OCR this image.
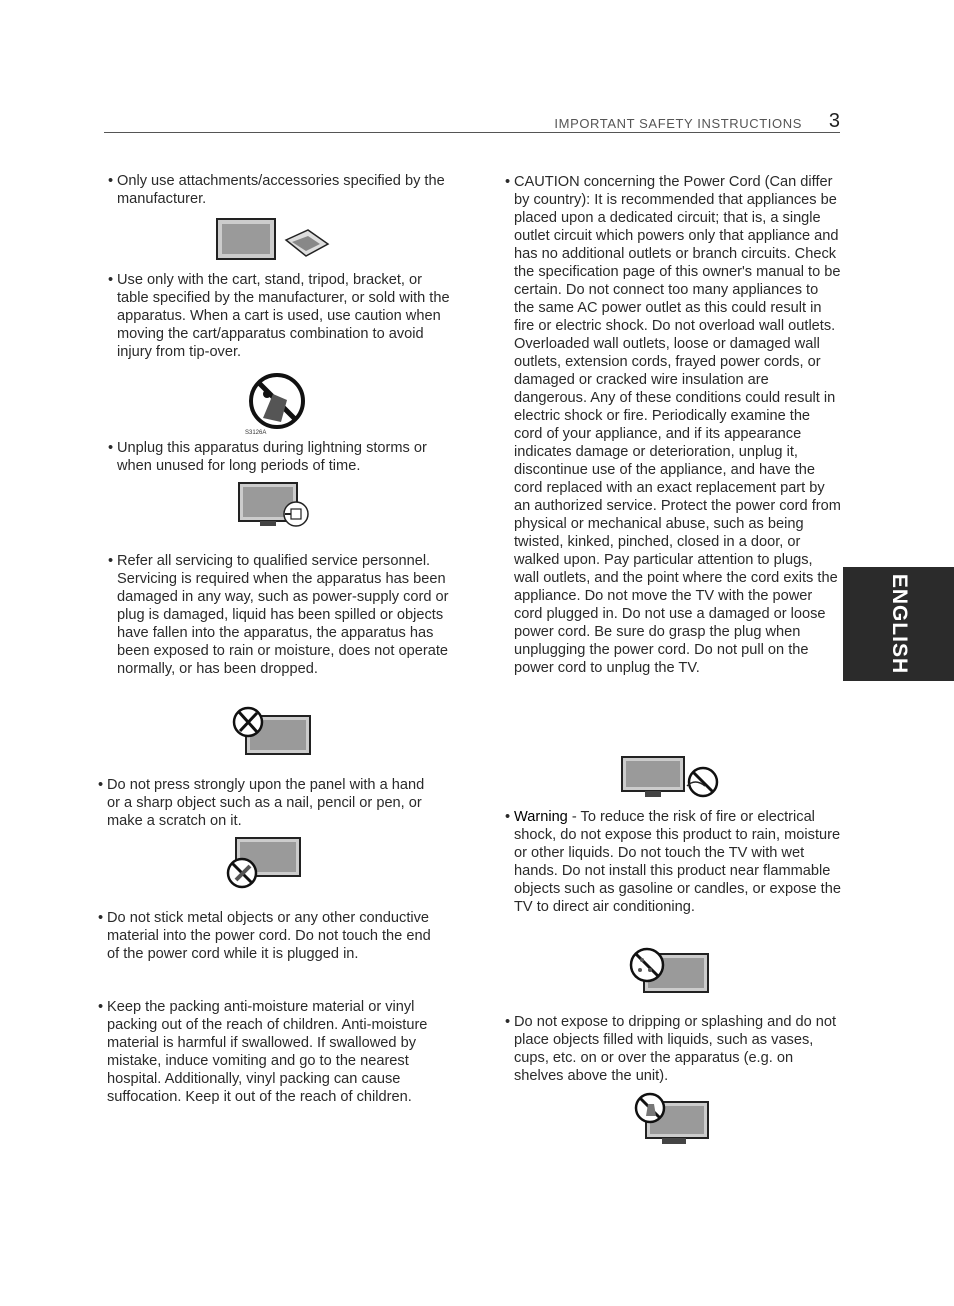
IMPORTANT SAFETY INSTRUCTIONS 3
ENGLISH
• Only use attachments/accessories specified by the manufacturer.
• Use only with the cart, stand, tripod, bracket, or table specified by the manufacturer, or sold with the apparatus. When a cart is used, use caution when moving the cart/apparatus combination to avoid injury from tip-over.
S3126A
• Unplug this apparatus during lightning storms or when unused for long periods of time.
• Refer all servicing to qualified service personnel. Servicing is required when the apparatus has been damaged in any way, such as power-supply cord or plug is damaged, liquid has been spilled or objects have fallen into the apparatus, the apparatus has been exposed to rain or moisture, does not operate normally, or has been dropped.
• Do not press strongly upon the panel with a hand or a sharp object such as a nail, pencil or pen, or make a scratch on it.
• Do not stick metal objects or any other conductive material into the power cord. Do not touch the end of the power cord while it is plugged in.
• Keep the packing anti-moisture material or vinyl packing out of the reach of children. Anti-moisture material is harmful if swallowed. If swallowed by mistake, induce vomiting and go to the nearest hospital. Additionally, vinyl packing can cause suffocation. Keep it out of the reach of children.
• CAUTION concerning the Power Cord (Can differ by country): It is recommended that appliances be placed upon a dedicated circuit; that is, a single outlet circuit which powers only that appliance and has no additional outlets or branch circuits. Check the specification page of this owner's manual to be certain. Do not connect too many appliances to the same AC power outlet as this could result in fire or electric shock. Do not overload wall outlets. Overloaded wall outlets, loose or damaged wall outlets, extension cords, frayed power cords, or damaged or cracked wire insulation are dangerous. Any of these conditions could result in electric shock or fire. Periodically examine the cord of your appliance, and if its appearance indicates damage or deterioration, unplug it, discontinue use of the appliance, and have the cord replaced with an exact replacement part by an authorized service. Protect the power cord from physical or mechanical abuse, such as being twisted, kinked, pinched, closed in a door, or walked upon. Pay particular attention to plugs, wall outlets, and the point where the cord exits the appliance. Do not move the TV with the power cord plugged in. Do not use a damaged or loose power cord. Be sure do grasp the plug when unplugging the power cord. Do not pull on the power cord to unplug the TV.
• Warning - To reduce the risk of fire or electrical shock, do not expose this product to rain, moisture or other liquids. Do not touch the TV with wet hands. Do not install this product near flammable objects such as gasoline or candles, or expose the TV to direct air conditioning.
• Do not expose to dripping or splashing and do not place objects filled with liquids, such as vases, cups, etc. on or over the apparatus (e.g. on shelves above the unit).
